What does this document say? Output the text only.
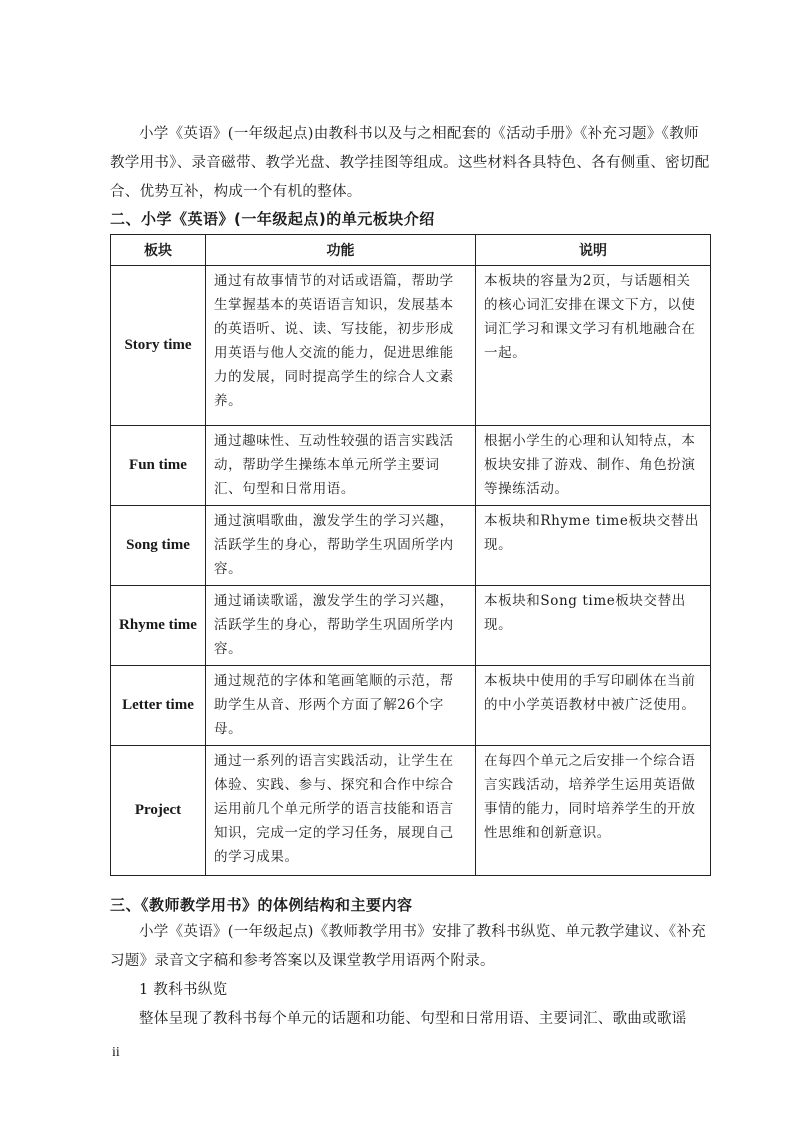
小学《英语》(一年级起点)由教科书以及与之相配套的《活动手册》《补充习题》《教师教学用书》、录音磁带、教学光盘、教学挂图等组成。这些材料各具特色、各有侧重、密切配合、优势互补，构成一个有机的整体。

二、小学《英语》(一年级起点)的单元板块介绍
板块	功能	说明
Story time	通过有故事情节的对话或语篇，帮助学生掌握基本的英语语言知识，发展基本的英语听、说、读、写技能，初步形成用英语与他人交流的能力，促进思维能力的发展，同时提高学生的综合人文素养。	本板块的容量为2页，与话题相关的核心词汇安排在课文下方，以使词汇学习和课文学习有机地融合在一起。
Fun time	通过趣味性、互动性较强的语言实践活动，帮助学生操练本单元所学主要词汇、句型和日常用语。	根据小学生的心理和认知特点，本板块安排了游戏、制作、角色扮演等操练活动。
Song time	通过演唱歌曲，激发学生的学习兴趣，活跃学生的身心，帮助学生巩固所学内容。	本板块和Rhyme time板块交替出现。
Rhyme time	通过诵读歌谣，激发学生的学习兴趣，活跃学生的身心，帮助学生巩固所学内容。	本板块和Song time板块交替出现。
Letter time	通过规范的字体和笔画笔顺的示范，帮助学生从音、形两个方面了解26个字母。	本板块中使用的手写印刷体在当前的中小学英语教材中被广泛使用。
Project	通过一系列的语言实践活动，让学生在体验、实践、参与、探究和合作中综合运用前几个单元所学的语言技能和语言知识，完成一定的学习任务，展现自己的学习成果。	在每四个单元之后安排一个综合语言实践活动，培养学生运用英语做事情的能力，同时培养学生的开放性思维和创新意识。
三、《教师教学用书》的体例结构和主要内容

小学《英语》(一年级起点)《教师教学用书》安排了教科书纵览、单元教学建议、《补充习题》录音文字稿和参考答案以及课堂教学用语两个附录。

1 教科书纵览

整体呈现了教科书每个单元的话题和功能、句型和日常用语、主要词汇、歌曲或歌谣

ii
